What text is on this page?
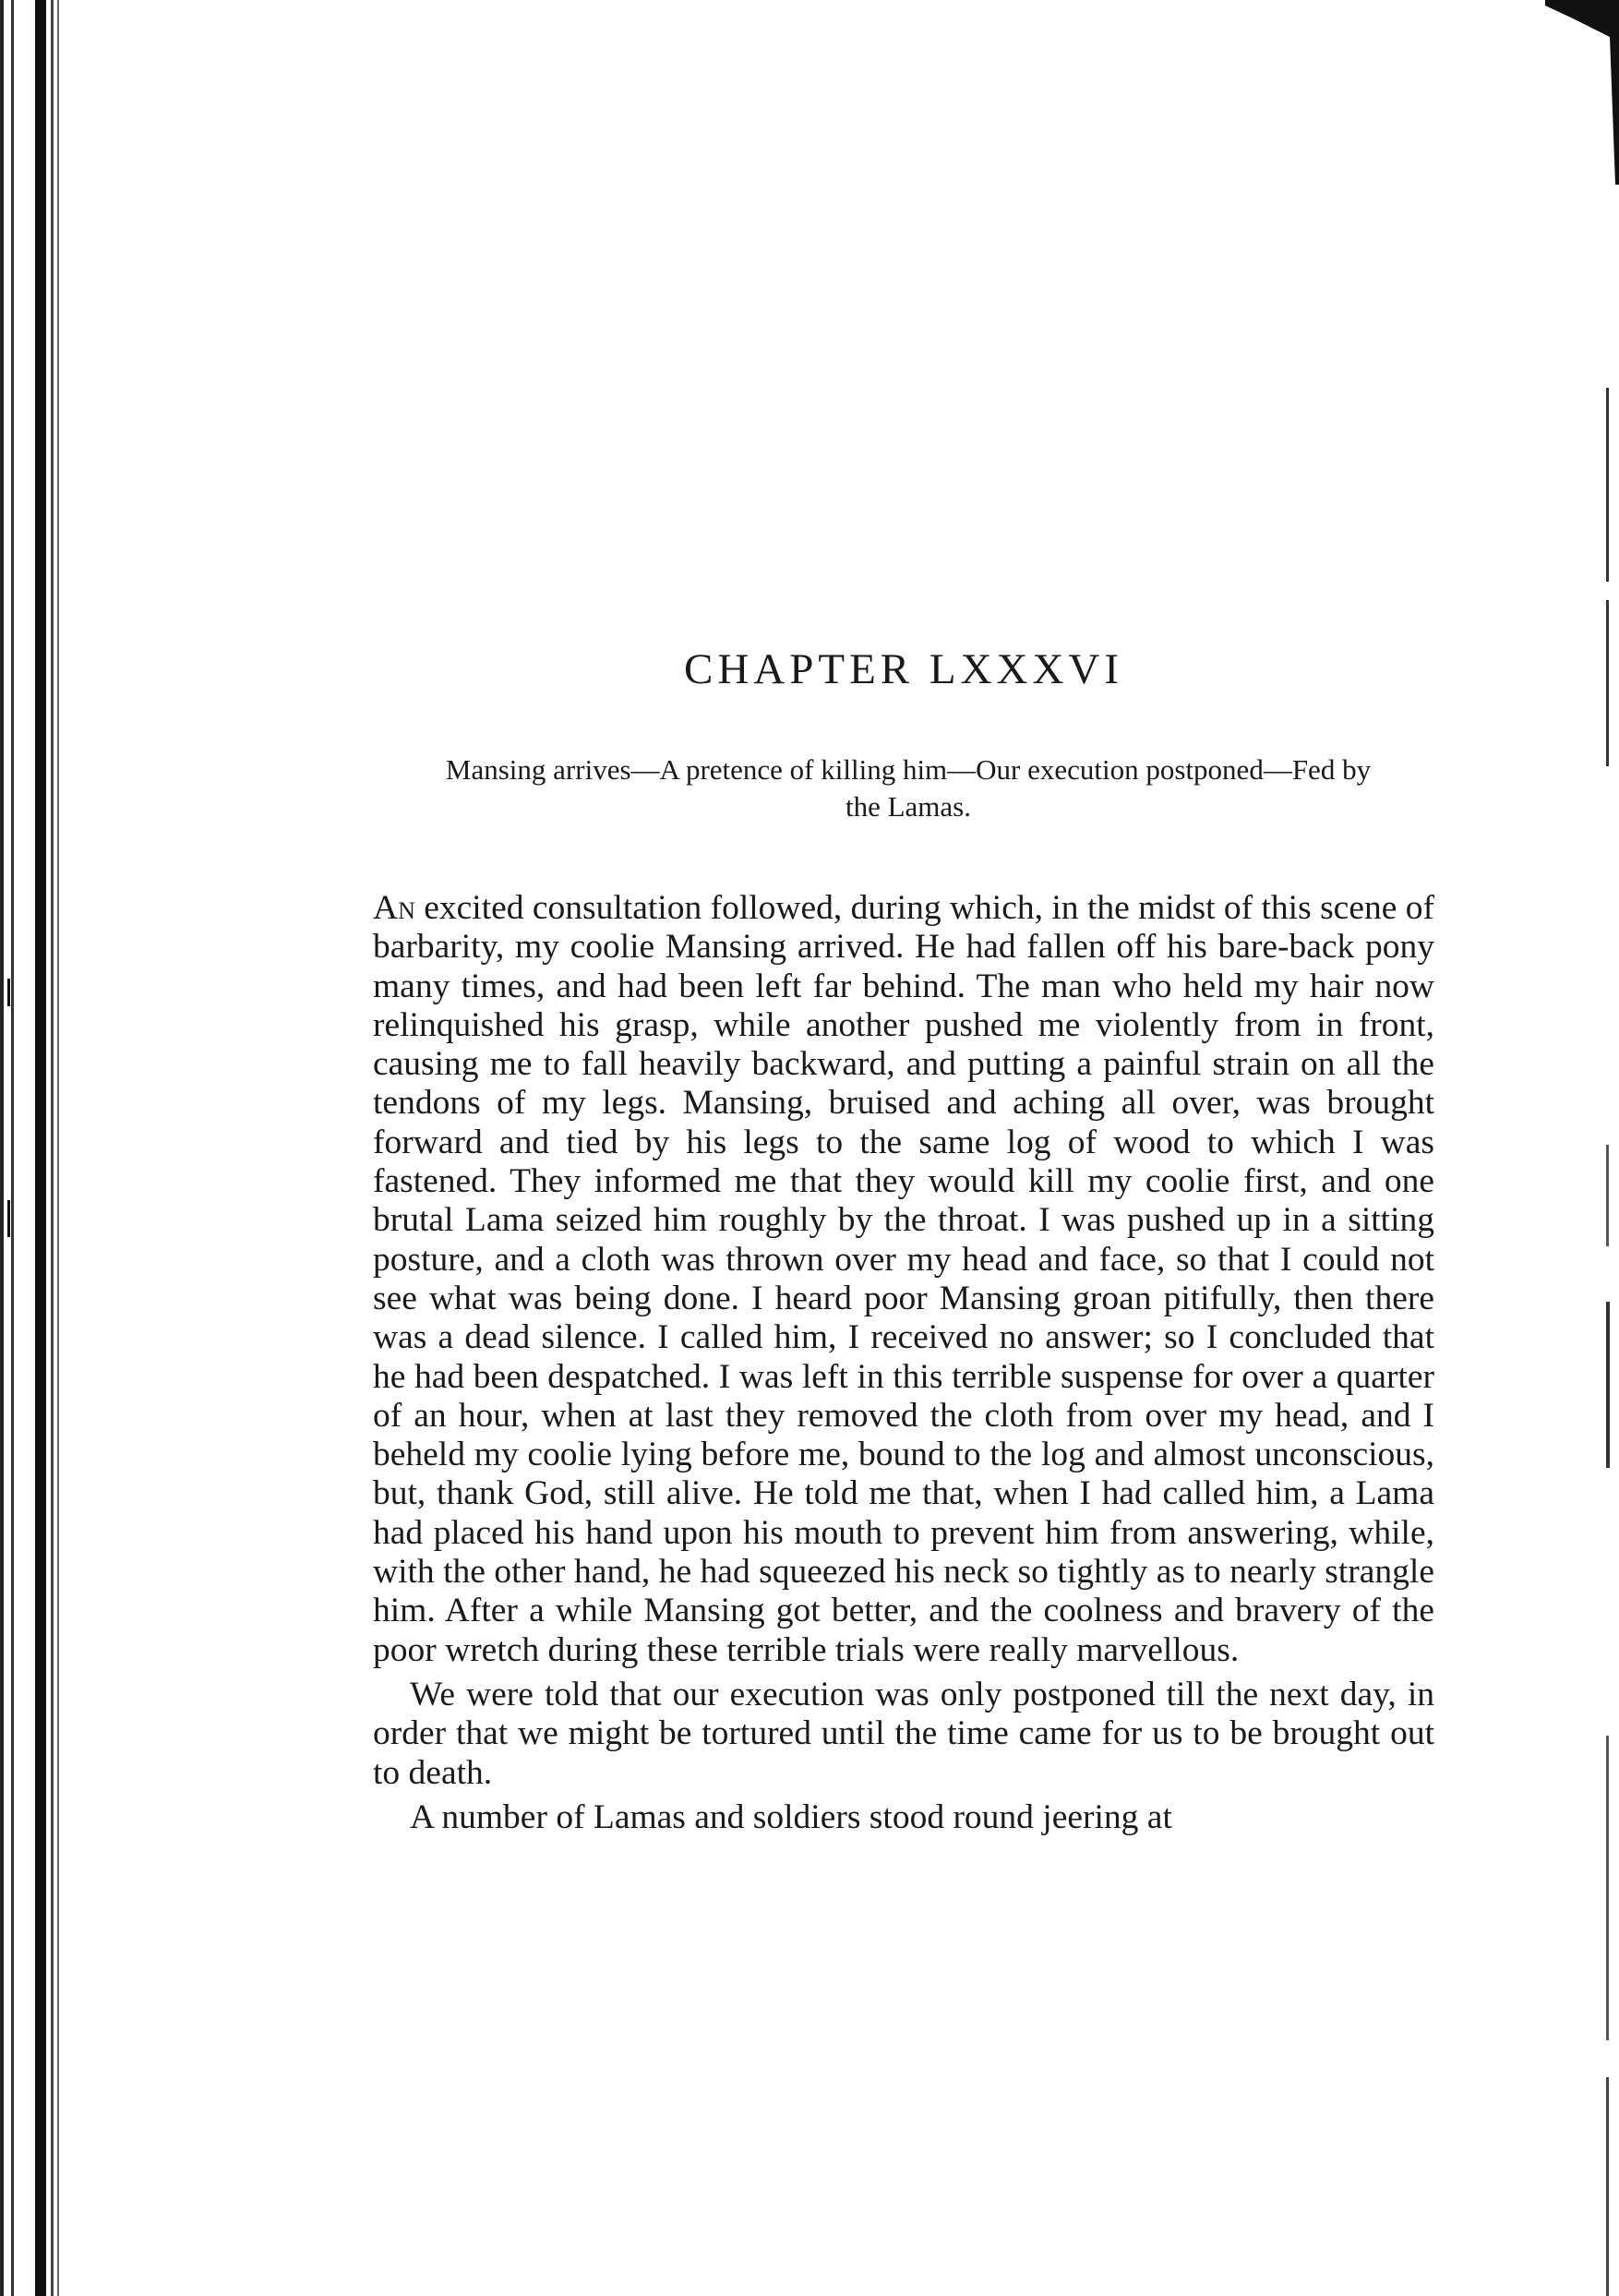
CHAPTER LXXXVI

Mansing arrives—A pretence of killing him—Our execution postponed—Fed by the Lamas.

An excited consultation followed, during which, in the midst of this scene of barbarity, my coolie Mansing arrived. He had fallen off his bare-back pony many times, and had been left far behind. The man who held my hair now relinquished his grasp, while another pushed me violently from in front, causing me to fall heavily backward, and putting a painful strain on all the tendons of my legs. Mansing, bruised and aching all over, was brought forward and tied by his legs to the same log of wood to which I was fastened. They informed me that they would kill my coolie first, and one brutal Lama seized him roughly by the throat. I was pushed up in a sitting posture, and a cloth was thrown over my head and face, so that I could not see what was being done. I heard poor Mansing groan pitifully, then there was a dead silence. I called him, I received no answer; so I concluded that he had been despatched. I was left in this terrible suspense for over a quarter of an hour, when at last they removed the cloth from over my head, and I beheld my coolie lying before me, bound to the log and almost unconscious, but, thank God, still alive. He told me that, when I had called him, a Lama had placed his hand upon his mouth to prevent him from answering, while, with the other hand, he had squeezed his neck so tightly as to nearly strangle him. After a while Mansing got better, and the coolness and bravery of the poor wretch during these terrible trials were really marvellous.

We were told that our execution was only postponed till the next day, in order that we might be tortured until the time came for us to be brought out to death.

A number of Lamas and soldiers stood round jeering at
